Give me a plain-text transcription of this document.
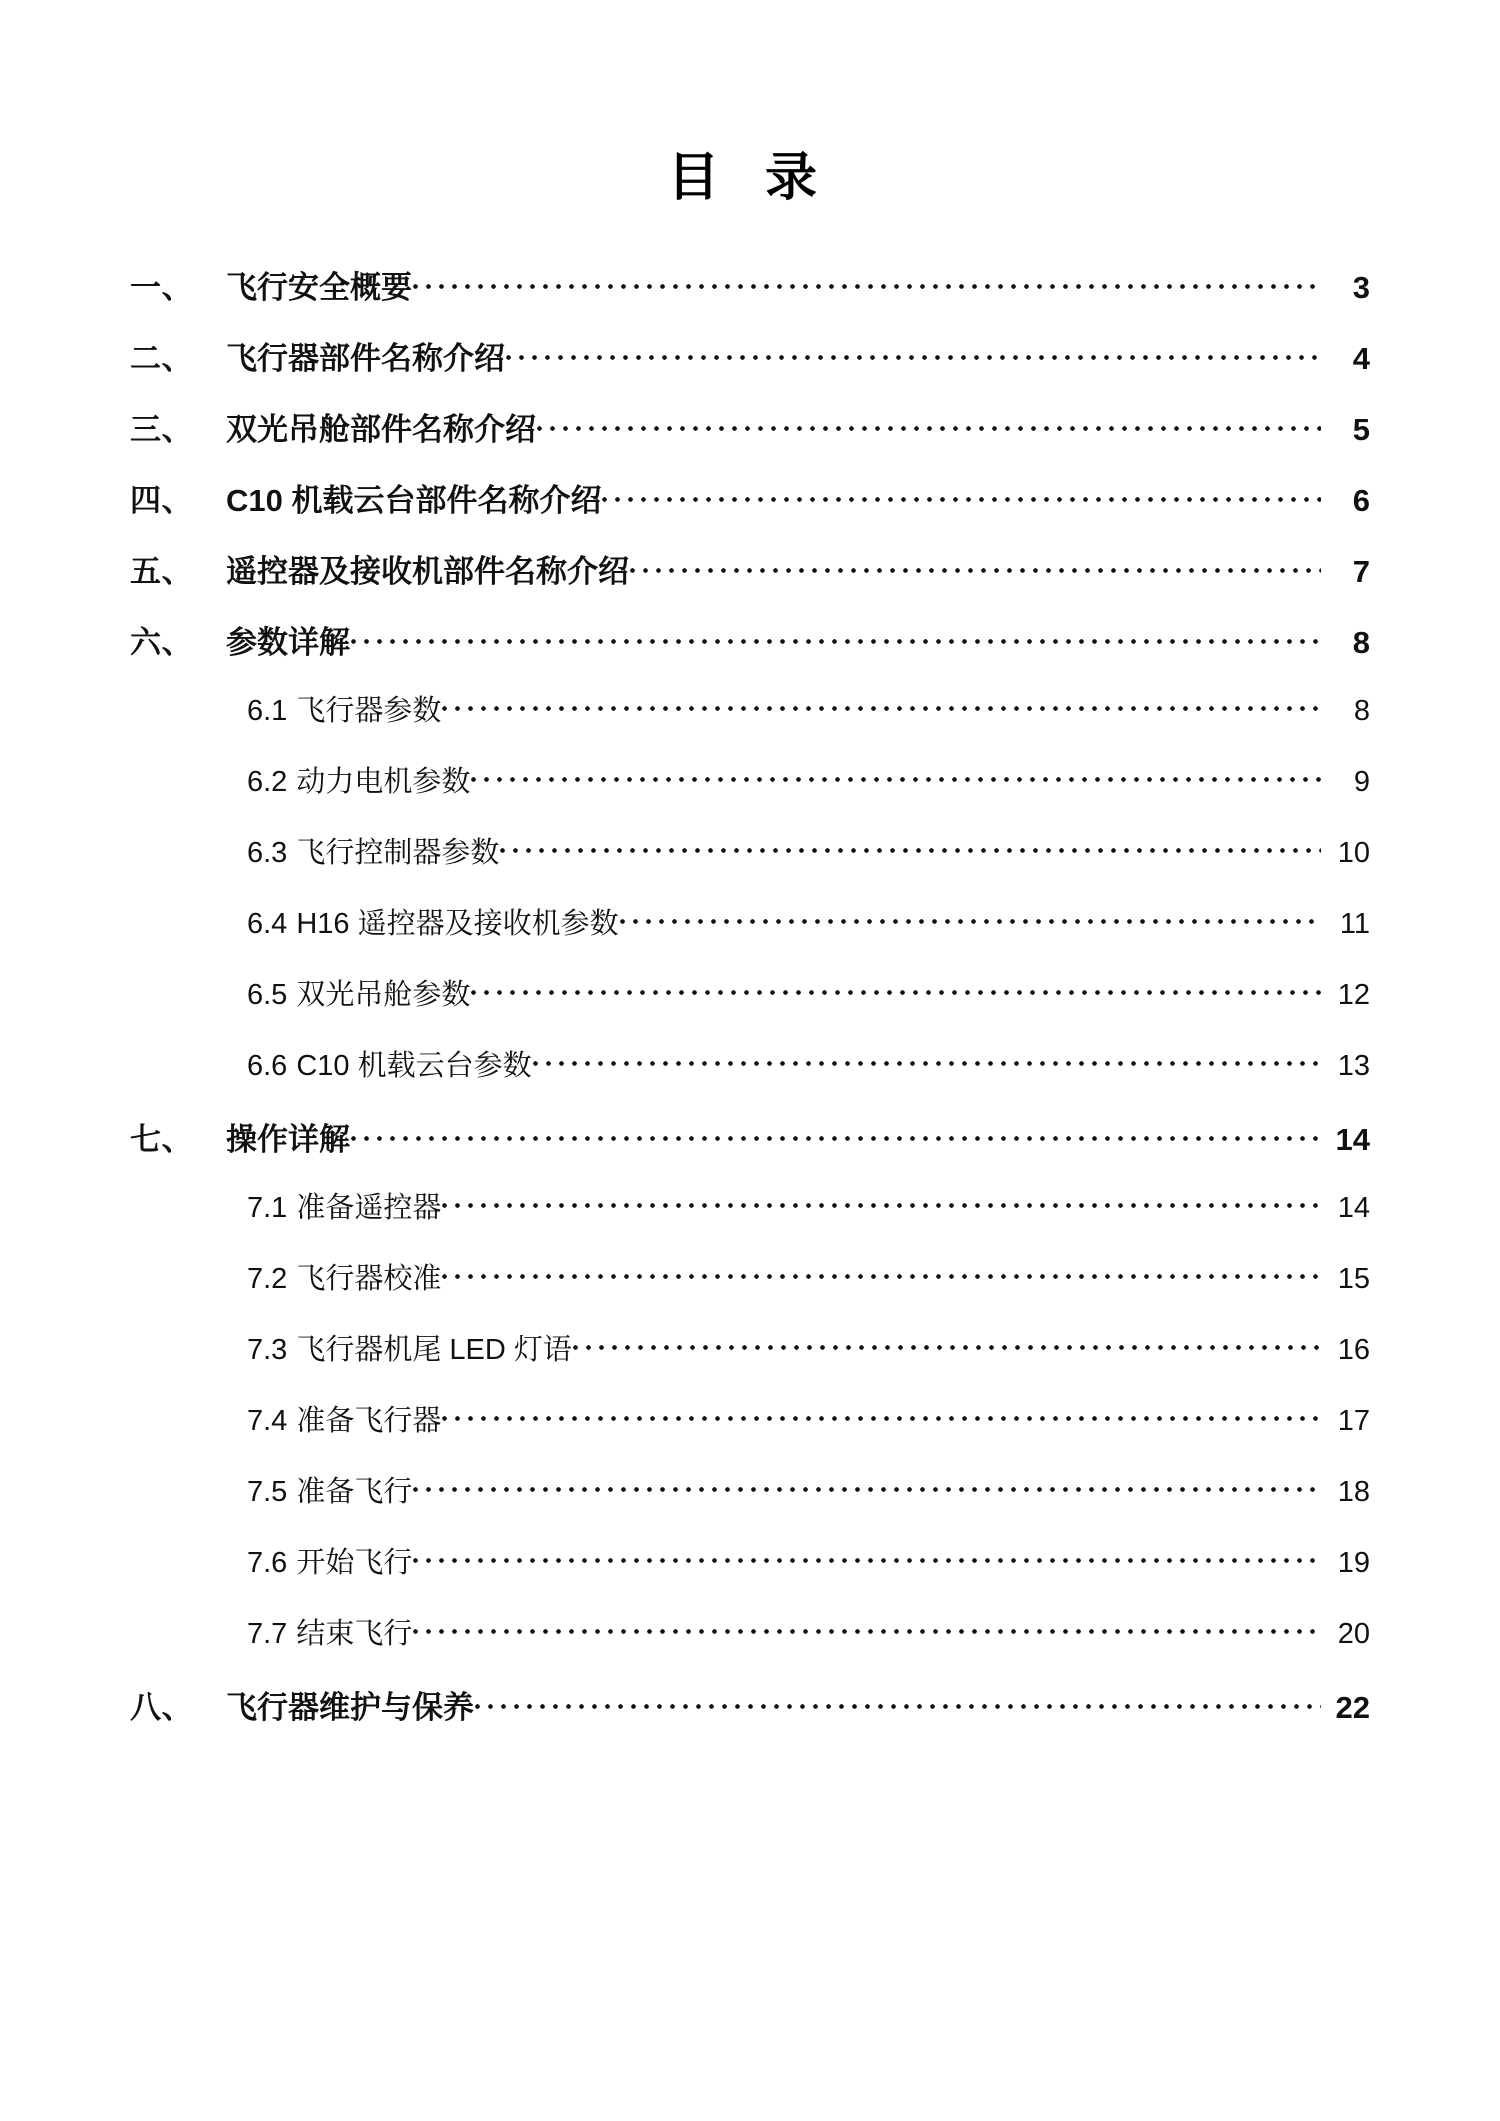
目 录
一、	飞行安全概要	3
二、	飞行器部件名称介绍	4
三、	双光吊舱部件名称介绍	5
四、	C10 机载云台部件名称介绍	6
五、	遥控器及接收机部件名称介绍	7
六、	参数详解	8
6.1 飞行器参数	8
6.2 动力电机参数	9
6.3 飞行控制器参数	10
6.4 H16 遥控器及接收机参数	11
6.5 双光吊舱参数	12
6.6 C10 机载云台参数	13
七、	操作详解	14
7.1 准备遥控器	14
7.2 飞行器校准	15
7.3 飞行器机尾 LED 灯语	16
7.4 准备飞行器	17
7.5 准备飞行	18
7.6 开始飞行	19
7.7 结束飞行	20
八、	飞行器维护与保养	22
